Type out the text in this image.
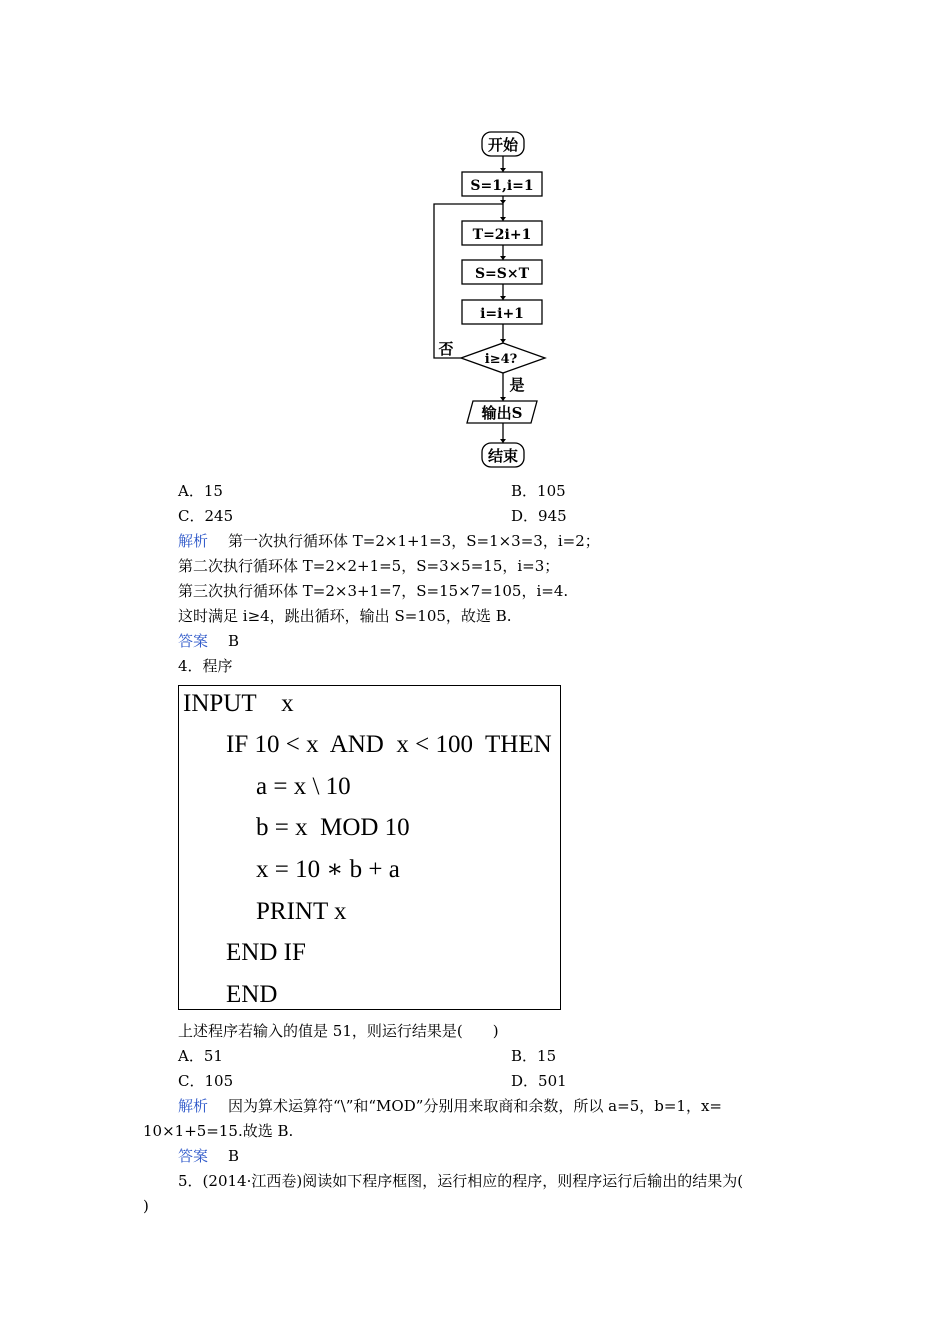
开始
S=1,i=1
T=2i+1
S=S×T
i=i+1
i≥4?
否
是
输出S
结束
A．15	B．105
C．245	D．945
解析 第一次执行循环体 T=2×1+1=3，S=1×3=3，i=2；
第二次执行循环体 T=2×2+1=5，S=3×5=15，i=3；
第三次执行循环体 T=2×3+1=7，S=15×7=105，i=4.
这时满足 i≥4，跳出循环，输出 S=105，故选 B.
答案 B
4．程序
INPUT    x
IF 10 < x  AND  x < 100  THEN
a = x \ 10
b = x  MOD 10
x = 10 ∗ b + a
PRINT x
END IF
END
上述程序若输入的值是 51，则运行结果是(　　)
A．51	B．15
C．105	D．501
解析 因为算术运算符“\”和“MOD”分别用来取商和余数，所以 a=5，b=1，x=
10×1+5=15.故选 B.
答案 B
5．(2014·江西卷)阅读如下程序框图，运行相应的程序，则程序运行后输出的结果为(
)
